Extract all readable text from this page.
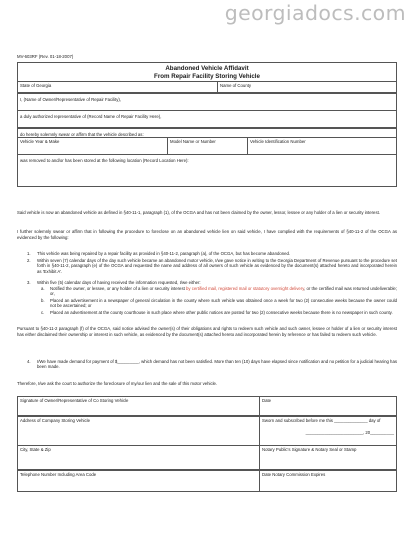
georgiadocs.com
MV-603RF (Rev. 01-18-2007)
Abandoned Vehicle Affidavit
From Repair Facility Storing Vehicle
State of Georgia	Name of County
I, (Name of Owner/Representative of Repair Facility),
a duly authorized representative of (Record Name of Repair Facility Here),
do hereby solemnly swear or affirm that the vehicle described as:
Vehicle Year & Make	Model Name or Number	Vehicle Identification Number
was removed to and/or has been stored at the following location (Record Location Here):
Said vehicle is now an abandoned vehicle as defined in §40-11-1, paragraph (1), of the OCGA and has not been claimed by the owner, lessor, lessee or any holder of a lien or security interest.
I further solemnly swear or affirm that in following the procedure to foreclose on an abandoned vehicle lien on said vehicle, I have complied with the requirements of §40-11-2 of the OCGA as evidenced by the following:
1. This vehicle was being repaired by a repair facility as provided in §40-11-2, paragraph (a), of the OCGA, but has become abandoned.
2. Within seven (7) calendar days of the day such vehicle became an abandoned motor vehicle, I/we gave notice in writing to the Georgia Department of Revenue pursuant to the procedure set forth in §40-11-2, paragraph (e) of the OCGA and requested the name and address of all owners of such vehicle as evidenced by the document(s) attached hereto and incorporated herein as 'Exhibit A'.
3. Within five (5) calendar days of having received the information requested, I/we either:
a. Notified the owner, or lessee, or any holder of a lien or security interest by certified mail, registered mail or statutory overnight delivery, or the certified mail was returned undeliverable; or,
b. Placed an advertisement in a newspaper of general circulation in the county where such vehicle was obtained once a week for two (2) consecutive weeks because the owner could not be ascertained; or
c. Placed an advertisement at the county courthouse in such place where other public notices are posted for two (2) consecutive weeks because there is no newspaper in such county.
Pursuant to §40-11-2 paragraph (f) of the OCGA, said notice advised the owner(s) of their obligations and rights to redeem such vehicle and such owner, lessee or holder of a lien or security interest has either disclaimed their ownership or interest in such vehicle, as evidenced by the document(s) attached hereto and incorporated herein by reference or has failed to redeem such vehicle.
4. I/We have made demand for payment of $_________, which demand has not been satisfied. More than ten (10) days have elapsed since notification and no petition for a judicial hearing has been made.
Therefore, I/we ask the court to authorize the foreclosure of my/our lien and the sale of this motor vehicle.
Signature of Owner/Representative of Co Storing Vehicle	Date
Address of Company Storing Vehicle	Sworn and subscribed before me this ______________ day of
________________________, 20__________
City, State & Zip	Notary Public's Signature & Notary Seal or Stamp
Telephone Number Including Area Code	Date Notary Commission Expires
